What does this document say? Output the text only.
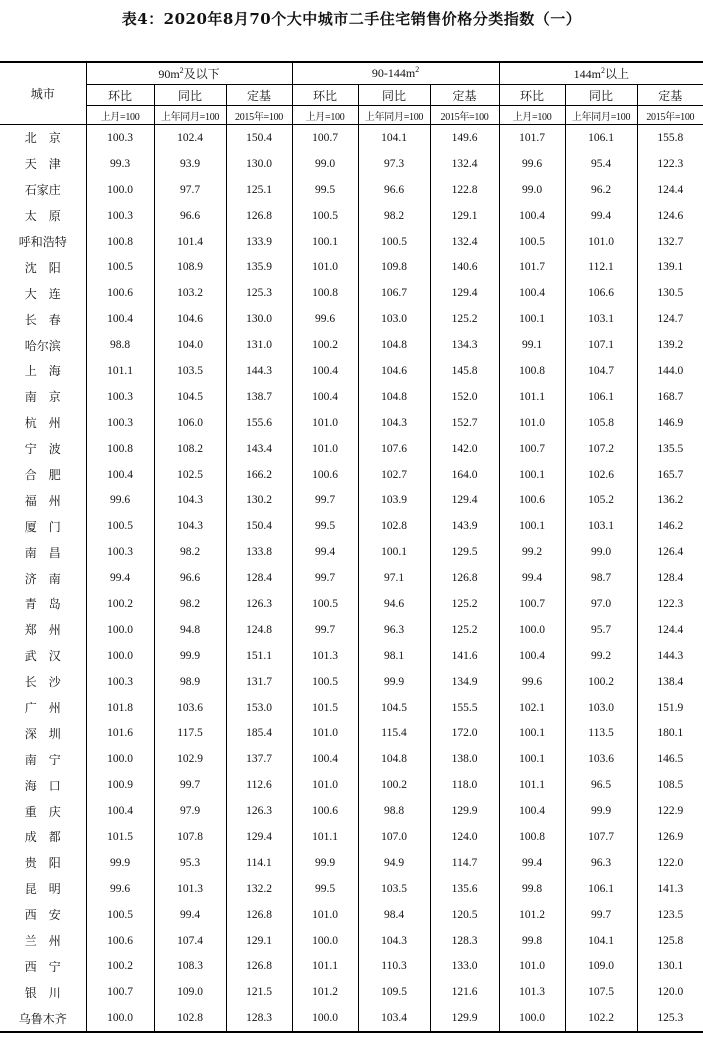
表4：2020年8月70个大中城市二手住宅销售价格分类指数（一）
城市	$90m^2$及以下			$90-144m^2$			$144m^2$以上		
	环比	同比	定基	环比	同比	定基	环比	同比	定基
	上月=100	上年同月=100	2015年=100	上月=100	上年同月=100	2015年=100	上月=100	上年同月=100	2015年=100
北　京	100.3	102.4	150.4	100.7	104.1	149.6	101.7	106.1	155.8
天　津	99.3	93.9	130.0	99.0	97.3	132.4	99.6	95.4	122.3
石家庄	100.0	97.7	125.1	99.5	96.6	122.8	99.0	96.2	124.4
太　原	100.3	96.6	126.8	100.5	98.2	129.1	100.4	99.4	124.6
呼和浩特	100.8	101.4	133.9	100.1	100.5	132.4	100.5	101.0	132.7
沈　阳	100.5	108.9	135.9	101.0	109.8	140.6	101.7	112.1	139.1
大　连	100.6	103.2	125.3	100.8	106.7	129.4	100.4	106.6	130.5
长　春	100.4	104.6	130.0	99.6	103.0	125.2	100.1	103.1	124.7
哈尔滨	98.8	104.0	131.0	100.2	104.8	134.3	99.1	107.1	139.2
上　海	101.1	103.5	144.3	100.4	104.6	145.8	100.8	104.7	144.0
南　京	100.3	104.5	138.7	100.4	104.8	152.0	101.1	106.1	168.7
杭　州	100.3	106.0	155.6	101.0	104.3	152.7	101.0	105.8	146.9
宁　波	100.8	108.2	143.4	101.0	107.6	142.0	100.7	107.2	135.5
合　肥	100.4	102.5	166.2	100.6	102.7	164.0	100.1	102.6	165.7
福　州	99.6	104.3	130.2	99.7	103.9	129.4	100.6	105.2	136.2
厦　门	100.5	104.3	150.4	99.5	102.8	143.9	100.1	103.1	146.2
南　昌	100.3	98.2	133.8	99.4	100.1	129.5	99.2	99.0	126.4
济　南	99.4	96.6	128.4	99.7	97.1	126.8	99.4	98.7	128.4
青　岛	100.2	98.2	126.3	100.5	94.6	125.2	100.7	97.0	122.3
郑　州	100.0	94.8	124.8	99.7	96.3	125.2	100.0	95.7	124.4
武　汉	100.0	99.9	151.1	101.3	98.1	141.6	100.4	99.2	144.3
长　沙	100.3	98.9	131.7	100.5	99.9	134.9	99.6	100.2	138.4
广　州	101.8	103.6	153.0	101.5	104.5	155.5	102.1	103.0	151.9
深　圳	101.6	117.5	185.4	101.0	115.4	172.0	100.1	113.5	180.1
南　宁	100.0	102.9	137.7	100.4	104.8	138.0	100.1	103.6	146.5
海　口	100.9	99.7	112.6	101.0	100.2	118.0	101.1	96.5	108.5
重　庆	100.4	97.9	126.3	100.6	98.8	129.9	100.4	99.9	122.9
成　都	101.5	107.8	129.4	101.1	107.0	124.0	100.8	107.7	126.9
贵　阳	99.9	95.3	114.1	99.9	94.9	114.7	99.4	96.3	122.0
昆　明	99.6	101.3	132.2	99.5	103.5	135.6	99.8	106.1	141.3
西　安	100.5	99.4	126.8	101.0	98.4	120.5	101.2	99.7	123.5
兰　州	100.6	107.4	129.1	100.0	104.3	128.3	99.8	104.1	125.8
西　宁	100.2	108.3	126.8	101.1	110.3	133.0	101.0	109.0	130.1
银　川	100.7	109.0	121.5	101.2	109.5	121.6	101.3	107.5	120.0
乌鲁木齐	100.0	102.8	128.3	100.0	103.4	129.9	100.0	102.2	125.3
